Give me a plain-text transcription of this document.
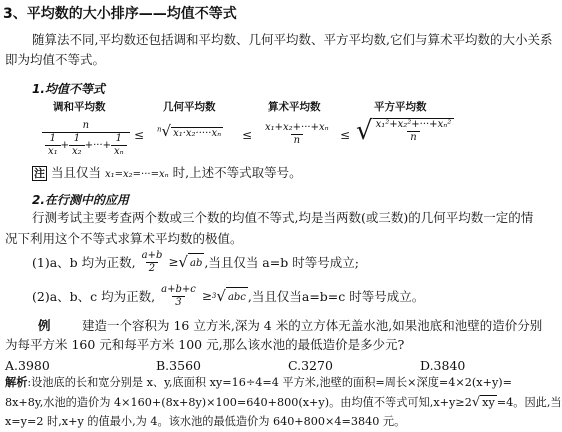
3、平均数的大小排序——均值不等式
随算法不同,平均数还包括调和平均数、几何平均数、平方平均数,它们与算术平均数的大小关系
即为均值不等式。
1.均值不等式
调和平均数	几何平均数	算术平均数	平方平均数
$\frac{n}{\frac{1}{\text{x₁}} + \frac{1}{\text{x₂}} +\cdot\cdot\cdot+ \frac{1}{\text{xₙ}}} \le ^n√$ $x_1\cdot x_2\cdot\cdot\cdot\cdot\cdot x_n \le \frac{\text{x₁+x₂+···+xₙ}}{n}$ ≤ √ $\frac{\text{x₁²+x₂²+···+xₙ²}}{n}$
注 当且仅当 x₁=x₂=···=xₙ 时,上述不等式取等号。
2.在行测中的应用
行测考试主要考查两个数或三个数的均值不等式,均是当两数(或三数)的几何平均数一定的情
况下利用这个不等式求算术平均数的极值。
(1)a、b 均为正数, $\frac{a+b}{2}$ ≥ √ ab ,当且仅当 a=b 时等号成立;
(2)a、b、c 均为正数, $\frac{a+b+c}{3} \ge 3$ √ abc ,当且仅当a=b=c 时等号成立。
例	建造一个容积为 16 立方米,深为 4 米的立方体无盖水池,如果池底和池壁的造价分别
为每平方米 160 元和每平方米 100 元,那么该水池的最低造价是多少元?
A.3980	B.3560	C.3270	D.3840
解析:设池底的长和宽分别是 x、y,底面积 xy=16÷4=4 平方米,池壁的面积=周长×深度=4×2(x+y)=
8x+8y,水池的造价为 4×160+(8x+8y)×100=640+800(x+y)。由均值不等式可知,x+y≥2√ xy =4。因此,当
x=y=2 时,x+y 的值最小,为 4。该水池的最低造价为 640+800×4=3840 元。
